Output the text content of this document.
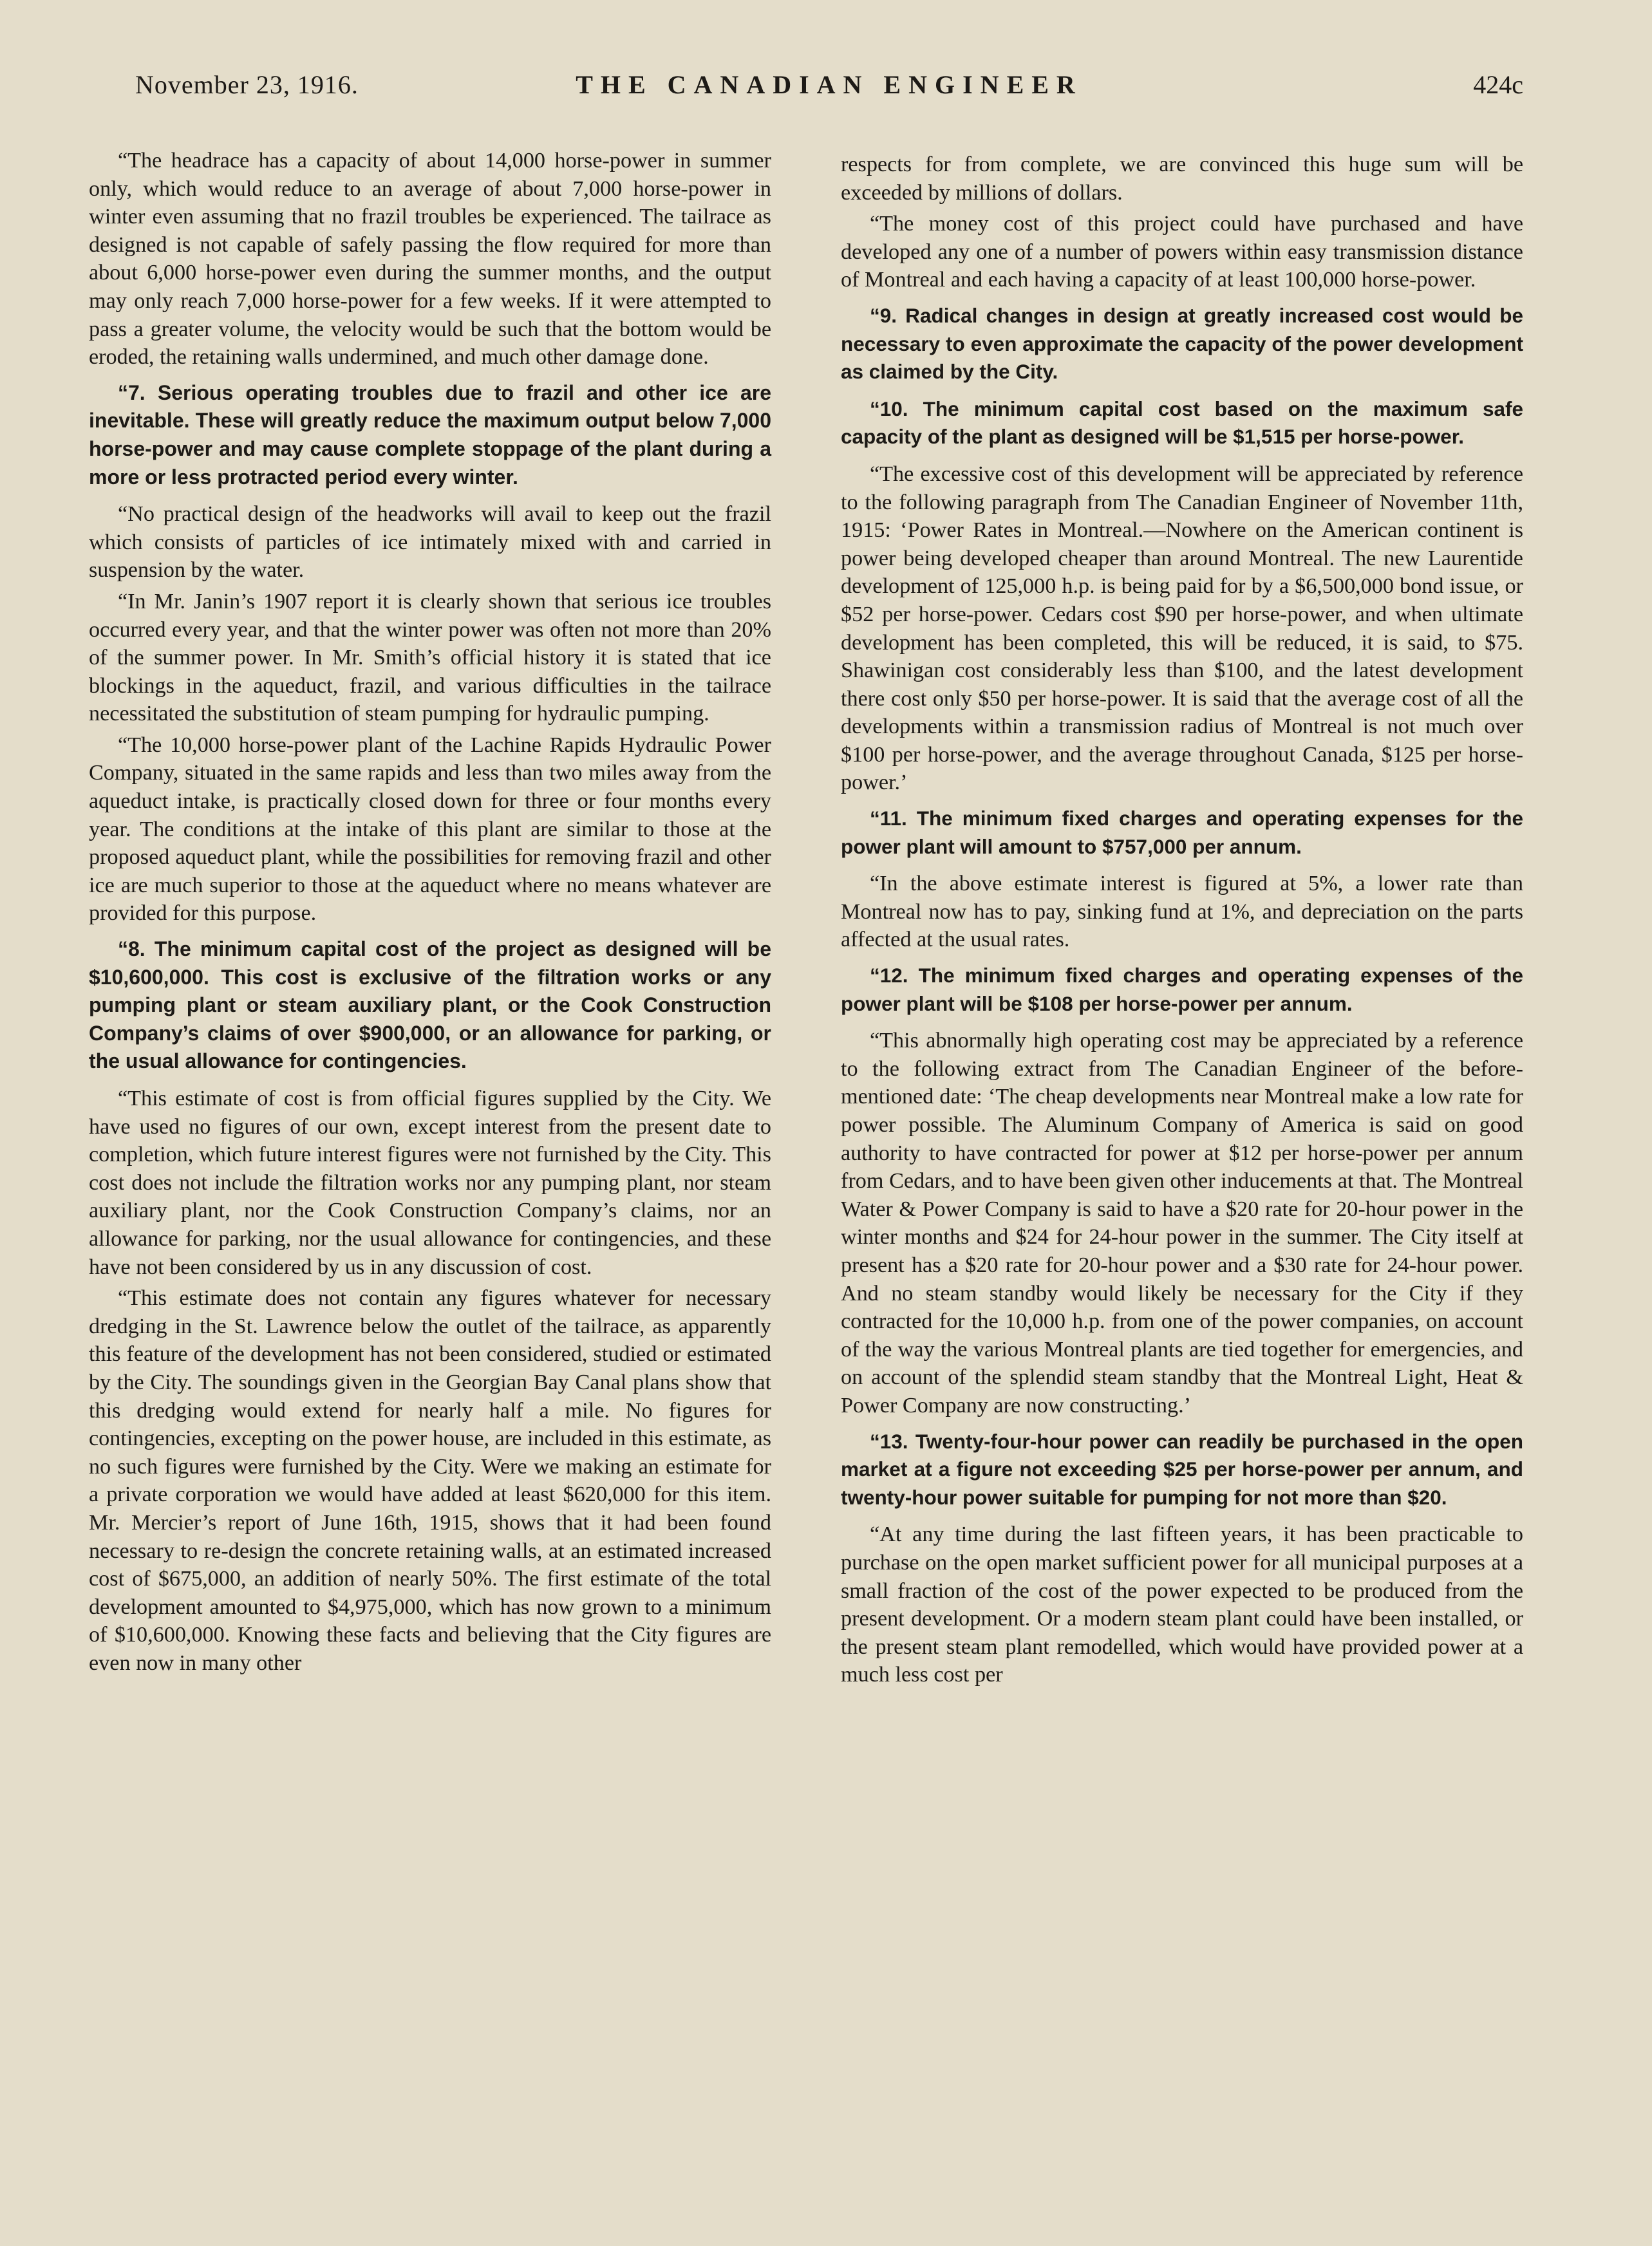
November 23, 1916.	THE CANADIAN ENGINEER	424c

“The headrace has a capacity of about 14,000 horse-power in summer only, which would reduce to an average of about 7,000 horse-power in winter even assuming that no frazil troubles be experienced. The tailrace as designed is not capable of safely passing the flow required for more than about 6,000 horse-power even during the summer months, and the output may only reach 7,000 horse-power for a few weeks. If it were attempted to pass a greater volume, the velocity would be such that the bottom would be eroded, the retaining walls undermined, and much other damage done.

“7. Serious operating troubles due to frazil and other ice are inevitable. These will greatly reduce the maximum output below 7,000 horse-power and may cause complete stoppage of the plant during a more or less protracted period every winter.

“No practical design of the headworks will avail to keep out the frazil which consists of particles of ice intimately mixed with and carried in suspension by the water.

“In Mr. Janin’s 1907 report it is clearly shown that serious ice troubles occurred every year, and that the winter power was often not more than 20% of the summer power. In Mr. Smith’s official history it is stated that ice blockings in the aqueduct, frazil, and various difficulties in the tailrace necessitated the substitution of steam pumping for hydraulic pumping.

“The 10,000 horse-power plant of the Lachine Rapids Hydraulic Power Company, situated in the same rapids and less than two miles away from the aqueduct intake, is practically closed down for three or four months every year. The conditions at the intake of this plant are similar to those at the proposed aqueduct plant, while the possibilities for removing frazil and other ice are much superior to those at the aqueduct where no means whatever are provided for this purpose.

“8. The minimum capital cost of the project as designed will be $10,600,000. This cost is exclusive of the filtration works or any pumping plant or steam auxiliary plant, or the Cook Construction Company’s claims of over $900,000, or an allowance for parking, or the usual allowance for contingencies.

“This estimate of cost is from official figures supplied by the City. We have used no figures of our own, except interest from the present date to completion, which future interest figures were not furnished by the City. This cost does not include the filtration works nor any pumping plant, nor steam auxiliary plant, nor the Cook Construction Company’s claims, nor an allowance for parking, nor the usual allowance for contingencies, and these have not been considered by us in any discussion of cost.

“This estimate does not contain any figures whatever for necessary dredging in the St. Lawrence below the outlet of the tailrace, as apparently this feature of the development has not been considered, studied or estimated by the City. The soundings given in the Georgian Bay Canal plans show that this dredging would extend for nearly half a mile. No figures for contingencies, excepting on the power house, are included in this estimate, as no such figures were furnished by the City. Were we making an estimate for a private corporation we would have added at least $620,000 for this item. Mr. Mercier’s report of June 16th, 1915, shows that it had been found necessary to re-design the concrete retaining walls, at an estimated increased cost of $675,000, an addition of nearly 50%. The first estimate of the total development amounted to $4,975,000, which has now grown to a minimum of $10,600,000. Knowing these facts and believing that the City figures are even now in many other

respects for from complete, we are convinced this huge sum will be exceeded by millions of dollars.

“The money cost of this project could have purchased and have developed any one of a number of powers within easy transmission distance of Montreal and each having a capacity of at least 100,000 horse-power.

“9. Radical changes in design at greatly increased cost would be necessary to even approximate the capacity of the power development as claimed by the City.

“10. The minimum capital cost based on the maximum safe capacity of the plant as designed will be $1,515 per horse-power.

“The excessive cost of this development will be appreciated by reference to the following paragraph from The Canadian Engineer of November 11th, 1915: ‘Power Rates in Montreal.—Nowhere on the American continent is power being developed cheaper than around Montreal. The new Laurentide development of 125,000 h.p. is being paid for by a $6,500,000 bond issue, or $52 per horse-power. Cedars cost $90 per horse-power, and when ultimate development has been completed, this will be reduced, it is said, to $75. Shawinigan cost considerably less than $100, and the latest development there cost only $50 per horse-power. It is said that the average cost of all the developments within a transmission radius of Montreal is not much over $100 per horse-power, and the average throughout Canada, $125 per horse-power.’

“11. The minimum fixed charges and operating expenses for the power plant will amount to $757,000 per annum.

“In the above estimate interest is figured at 5%, a lower rate than Montreal now has to pay, sinking fund at 1%, and depreciation on the parts affected at the usual rates.

“12. The minimum fixed charges and operating expenses of the power plant will be $108 per horse-power per annum.

“This abnormally high operating cost may be appreciated by a reference to the following extract from The Canadian Engineer of the before-mentioned date: ‘The cheap developments near Montreal make a low rate for power possible. The Aluminum Company of America is said on good authority to have contracted for power at $12 per horse-power per annum from Cedars, and to have been given other inducements at that. The Montreal Water & Power Company is said to have a $20 rate for 20-hour power in the winter months and $24 for 24-hour power in the summer. The City itself at present has a $20 rate for 20-hour power and a $30 rate for 24-hour power. And no steam standby would likely be necessary for the City if they contracted for the 10,000 h.p. from one of the power companies, on account of the way the various Montreal plants are tied together for emergencies, and on account of the splendid steam standby that the Montreal Light, Heat & Power Company are now constructing.’

“13. Twenty-four-hour power can readily be purchased in the open market at a figure not exceeding $25 per horse-power per annum, and twenty-hour power suitable for pumping for not more than $20.

“At any time during the last fifteen years, it has been practicable to purchase on the open market sufficient power for all municipal purposes at a small fraction of the cost of the power expected to be produced from the present development. Or a modern steam plant could have been installed, or the present steam plant remodelled, which would have provided power at a much less cost per
